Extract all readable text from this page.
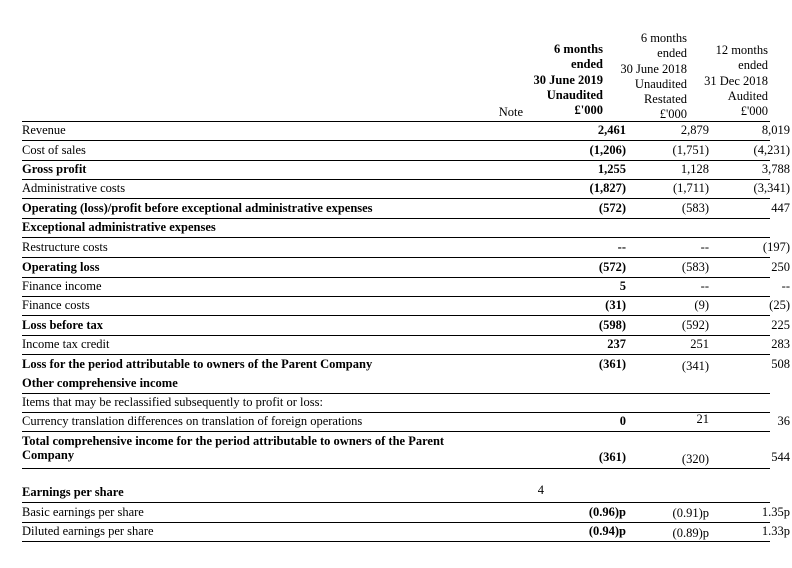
6 months
ended
30 June 2019
Unaudited
£'000
6 months
ended
30 June 2018
Unaudited
Restated
£'000
12 months
ended
31 Dec 2018
Audited
£'000
Note
Revenue	2,461	2,879	8,019
Cost of sales	(1,206)	(1,751)	(4,231)
Gross profit	1,255	1,128	3,788
Administrative costs	(1,827)	(1,711)	(3,341)
Operating (loss)/profit before exceptional administrative expenses	(572)	(583)	447
Exceptional administrative expenses
Restructure costs	--	--	(197)
Operating loss	(572)	(583)	250
Finance income	5	--	--
Finance costs	(31)	(9)	(25)
Loss before tax	(598)	(592)	225
Income tax credit	237	251	283
Loss for the period attributable to owners of the Parent Company	(361)	(341)	508
Other comprehensive income
Items that may be reclassified subsequently to profit or loss:
Currency translation differences on translation of foreign operations	0	21	36
Total comprehensive income for the period attributable to owners of the Parent
Company	(361)	(320)	544
Earnings per share	4
Basic earnings per share	(0.96)p	(0.91)p	1.35p
Diluted earnings per share	(0.94)p	(0.89)p	1.33p
